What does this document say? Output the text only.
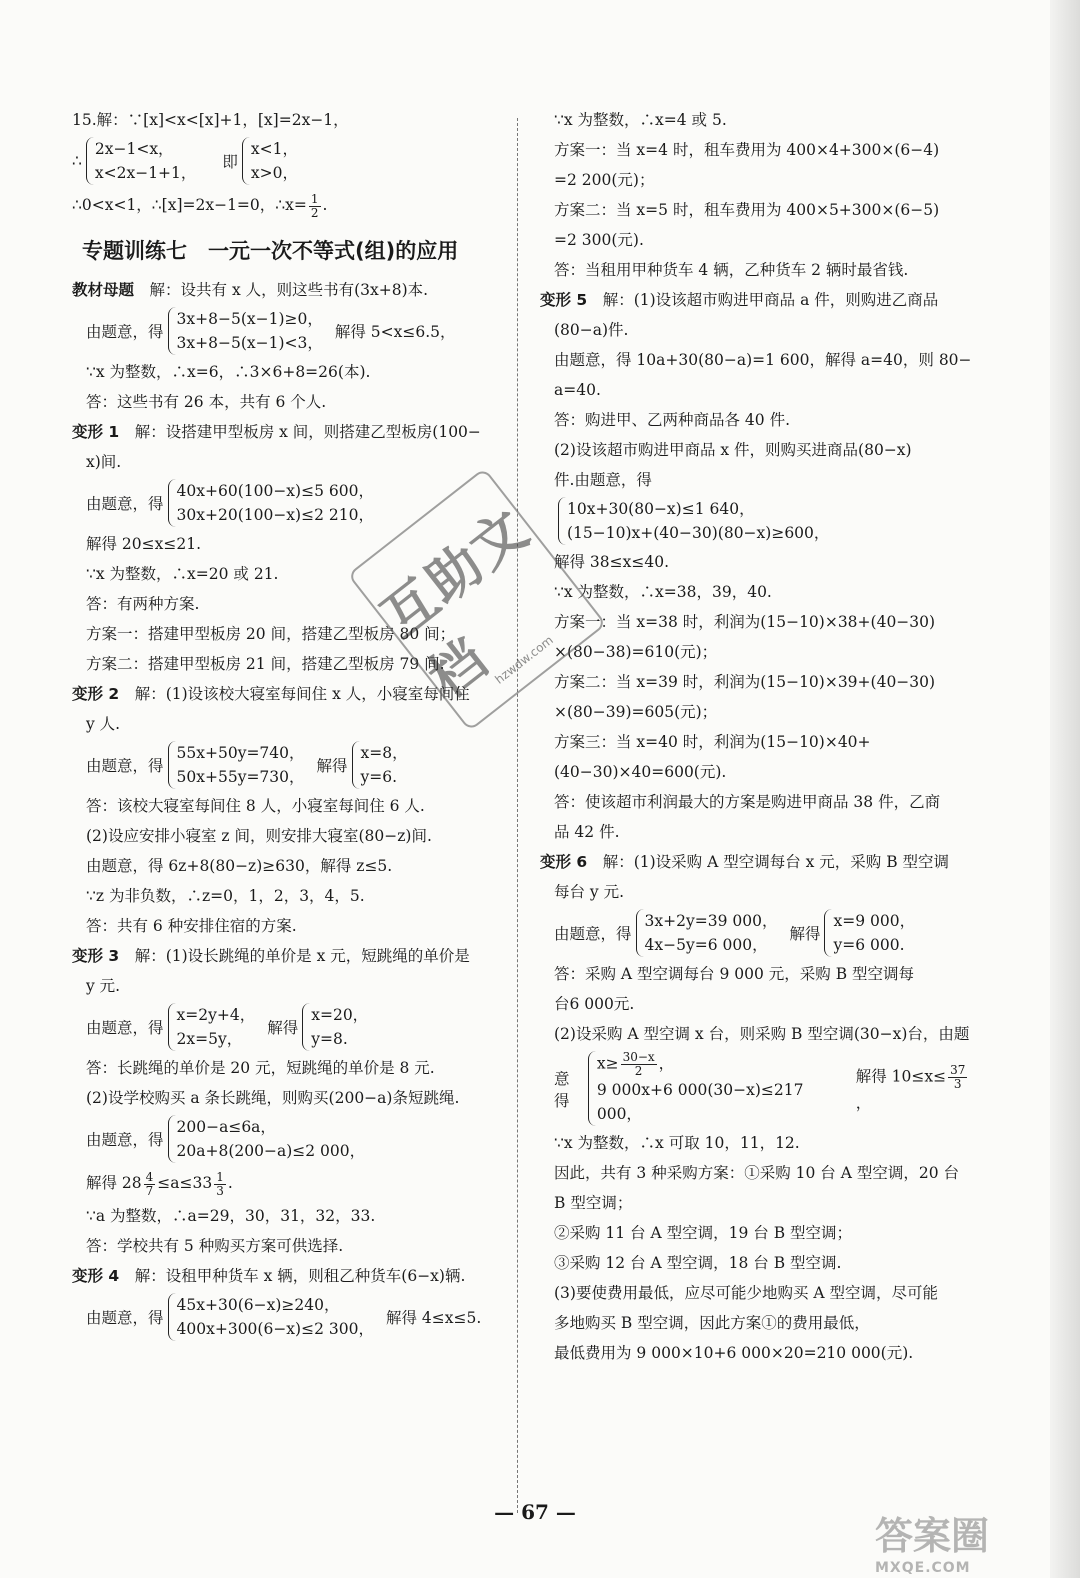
15.解：∵[x]<x<[x]+1，[x]=2x−1，

∴
2x−1<x，
x<2x−1+1，
即
x<1，
x>0，

∴0<x<1，∴[x]=2x−1=0，∴x= $\frac{1}{2}$ .

专题训练七　一元一次不等式(组)的应用

教材母题　解：设共有 x 人，则这些书有(3x+8)本.

由题意，得
3x+8−5(x−1)≥0，
3x+8−5(x−1)<3，
解得 5<x≤6.5，

∵x 为整数，∴x=6，∴3×6+8=26(本).

答：这些书有 26 本，共有 6 个人.

变形 1　解：设搭建甲型板房 x 间，则搭建乙型板房(100−

x)间.

由题意，得
40x+60(100−x)≤5 600，
30x+20(100−x)≤2 210，

解得 20≤x≤21.

∵x 为整数，∴x=20 或 21.

答：有两种方案.

方案一：搭建甲型板房 20 间，搭建乙型板房 80 间；

方案二：搭建甲型板房 21 间，搭建乙型板房 79 间.

变形 2　解：(1)设该校大寝室每间住 x 人，小寝室每间住

y 人.

由题意，得
55x+50y=740，
50x+55y=730，
解得
x=8，
y=6.

答：该校大寝室每间住 8 人，小寝室每间住 6 人.

(2)设应安排小寝室 z 间，则安排大寝室(80−z)间.

由题意，得 6z+8(80−z)≥630，解得 z≤5.

∵z 为非负数，∴z=0，1，2，3，4，5.

答：共有 6 种安排住宿的方案.

变形 3　解：(1)设长跳绳的单价是 x 元，短跳绳的单价是

y 元.

由题意，得
x=2y+4，
2x=5y，
解得
x=20，
y=8.

答：长跳绳的单价是 20 元，短跳绳的单价是 8 元.

(2)设学校购买 a 条长跳绳，则购买(200−a)条短跳绳.

由题意，得
200−a≤6a，
20a+8(200−a)≤2 000，

解得 $28 \frac{4}{7} \le a\le 33 \frac{1}{3}$ .

∵a 为整数，∴a=29，30，31，32，33.

答：学校共有 5 种购买方案可供选择.

变形 4　解：设租甲种货车 x 辆，则租乙种货车(6−x)辆.

由题意，得
45x+30(6−x)≥240，
400x+300(6−x)≤2 300，
解得 4≤x≤5.

∵x 为整数，∴x=4 或 5.

方案一：当 x=4 时，租车费用为 400×4+300×(6−4)

=2 200(元)；

方案二：当 x=5 时，租车费用为 400×5+300×(6−5)

=2 300(元).

答：当租用甲种货车 4 辆，乙种货车 2 辆时最省钱.

变形 5　解：(1)设该超市购进甲商品 a 件，则购进乙商品

(80−a)件.

由题意，得 10a+30(80−a)=1 600，解得 a=40，则 80−

a=40.

答：购进甲、乙两种商品各 40 件.

(2)设该超市购进甲商品 x 件，则购买进商品(80−x)

件.由题意，得

10x+30(80−x)≤1 640，
(15−10)x+(40−30)(80−x)≥600，

解得 38≤x≤40.

∵x 为整数，∴x=38，39，40.

方案一：当 x=38 时，利润为(15−10)×38+(40−30)

×(80−38)=610(元)；

方案二：当 x=39 时，利润为(15−10)×39+(40−30)

×(80−39)=605(元)；

方案三：当 x=40 时，利润为(15−10)×40+

(40−30)×40=600(元).

答：使该超市利润最大的方案是购进甲商品 38 件，乙商

品 42 件.

变形 6　解：(1)设采购 A 型空调每台 x 元，采购 B 型空调

每台 y 元.

由题意，得
3x+2y=39 000，
4x−5y=6 000，
解得
x=9 000，
y=6 000.

答：采购 A 型空调每台 9 000 元，采购 B 型空调每

台6 000元.

(2)设采购 A 型空调 x 台，则采购 B 型空调(30−x)台，由题

意得
$x\ge \frac{30-x}{2}$ ，
9 000x+6 000(30−x)≤217 000，
解得 $10\le x\le \frac{37}{3}$
，

∵x 为整数，∴x 可取 10，11，12.

因此，共有 3 种采购方案：①采购 10 台 A 型空调，20 台

B 型空调；

②采购 11 台 A 型空调，19 台 B 型空调；

③采购 12 台 A 型空调，18 台 B 型空调.

(3)要使费用最低，应尽可能少地购买 A 型空调，尽可能

多地购买 B 型空调，因此方案①的费用最低，

最低费用为 9 000×10+6 000×20=210 000(元).

互助文档
hzwdw.com
— 67 —
答案圈
MXQE.COM
